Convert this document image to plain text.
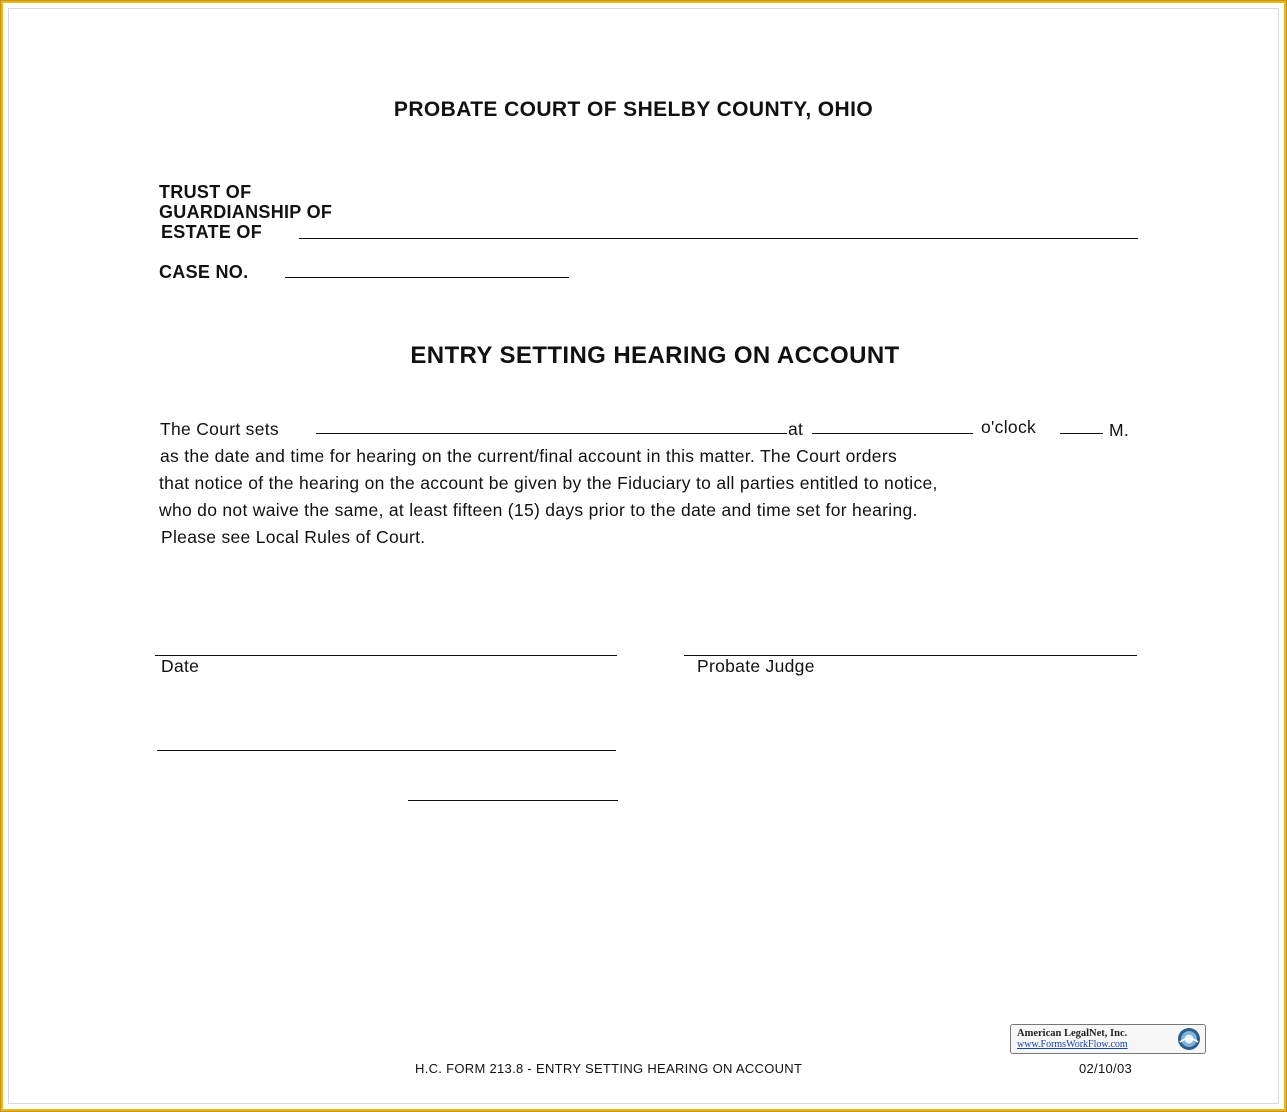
PROBATE COURT OF SHELBY COUNTY, OHIO
TRUST OF
GUARDIANSHIP OF
ESTATE OF
CASE NO.
ENTRY SETTING HEARING ON ACCOUNT
The Court sets	at	o'clock	M.
as the date and time for hearing on the current/final account in this matter. The Court orders
that notice of the hearing on the account be given by the Fiduciary to all parties entitled to notice,
who do not waive the same, at least fifteen (15) days prior to the date and time set for hearing.
Please see Local Rules of Court.
Date	Probate Judge
American LegalNet, Inc.
www.FormsWorkFlow.com
H.C. FORM 213.8 - ENTRY SETTING HEARING ON ACCOUNT	02/10/03
